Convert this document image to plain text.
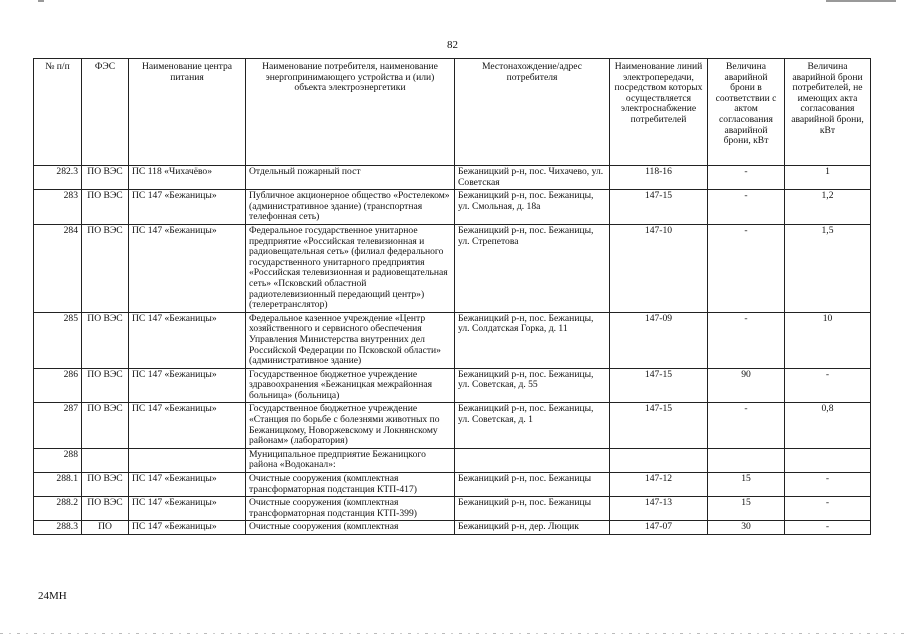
82
№ п/п	ФЭС	Наименование центра питания	Наименование потребителя, наименование энергопринимающего устройства и (или) объекта электроэнергетики	Местонахождение/адрес потребителя	Наименование линий электропередачи, посредством которых осуществляется электроснабжение потребителей	Величина аварийной брони в соответствии с актом согласования аварийной брони, кВт	Величина аварийной брони потребителей, не имеющих акта согласования аварийной брони, кВт
282.3	ПО ВЭС	ПС 118 «Чихачёво»	Отдельный пожарный пост	Бежаницкий р-н, пос. Чихачево, ул. Советская	118-16	-	1
283	ПО ВЭС	ПС 147 «Бежаницы»	Публичное акционерное общество «Ростелеком» (административное здание) (транспортная телефонная сеть)	Бежаницкий р-н, пос. Бежаницы, ул. Смольная, д. 18а	147-15	-	1,2
284	ПО ВЭС	ПС 147 «Бежаницы»	Федеральное государственное унитарное предприятие «Российская телевизионная и радиовещательная сеть» (филиал федерального государственного унитарного предприятия «Российская телевизионная и радиовещательная сеть» «Псковский областной радиотелевизионный передающий центр») (телеретранслятор)	Бежаницкий р-н, пос. Бежаницы, ул. Стрепетова	147-10	-	1,5
285	ПО ВЭС	ПС 147 «Бежаницы»	Федеральное казенное учреждение «Центр хозяйственного и сервисного обеспечения Управления Министерства внутренних дел Российской Федерации по Псковской области» (административное здание)	Бежаницкий р-н, пос. Бежаницы, ул. Солдатская Горка, д. 11	147-09	-	10
286	ПО ВЭС	ПС 147 «Бежаницы»	Государственное бюджетное учреждение здравоохранения «Бежаницкая межрайонная больница» (больница)	Бежаницкий р-н, пос. Бежаницы, ул. Советская, д. 55	147-15	90	-
287	ПО ВЭС	ПС 147 «Бежаницы»	Государственное бюджетное учреждение «Станция по борьбе с болезнями животных по Бежаницкому, Новоржевскому и Локнянскому районам» (лаборатория)	Бежаницкий р-н, пос. Бежаницы, ул. Советская, д. 1	147-15	-	0,8
288			Муниципальное предприятие Бежаницкого района «Водоканал»:				
288.1	ПО ВЭС	ПС 147 «Бежаницы»	Очистные сооружения (комплектная трансформаторная подстанция КТП-417)	Бежаницкий р-н, пос. Бежаницы	147-12	15	-
288.2	ПО ВЭС	ПС 147 «Бежаницы»	Очистные сооружения (комплектная трансформаторная подстанция КТП-399)	Бежаницкий р-н, пос. Бежаницы	147-13	15	-
288.3	ПО	ПС 147 «Бежаницы»	Очистные сооружения (комплектная	Бежаницкий р-н, дер. Лющик	147-07	30	-
24МН
